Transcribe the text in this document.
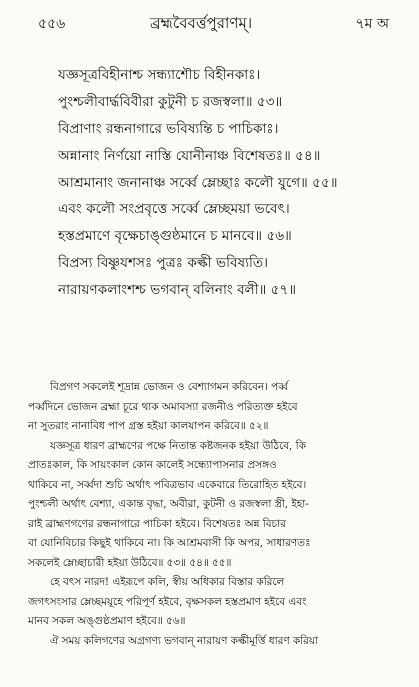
৫৫৬	ব্রহ্মবৈবর্ত্তপুরাণম্।	৭ম অ
যজ্ঞসূত্রবিহীনাশ্চ সন্ধ্যাশৌচ বিহীনকাঃ।
পুংশ্চলীবার্দ্ধবিবীরা কুটুনী চ রজস্বলা॥ ৫৩॥
বিপ্রাণাং রন্ধনাগারে ভবিষ্যন্তি চ পাচিকাঃ।
অন্নানাং নির্ণয়ো নাস্তি যোনীনাঞ্চ বিশেষতঃ॥ ৫৪॥
আশ্রমানাং জনানাঞ্চ সর্ব্বে ম্লেচ্ছাঃ কলৌ যুগে॥ ৫৫॥
এবং কলৌ সংপ্রবৃত্তে সর্ব্বে ম্লেচ্ছময়া ভবেৎ।
হস্তপ্রমাণে বৃক্ষেচাঙ্গুষ্ঠমানে চ মানবে॥ ৫৬॥
বিপ্রস্য বিষ্ণুযশসঃ পুত্রঃ কল্কী ভবিষ্যতি।
নারায়ণকলাংশশ্চ ভগবান্ বলিনাং বলী॥ ৫৭॥
বিপ্রগণ সকলেই শূদ্রান্ন ভোজন ও বেশ্যাগমন করিবেন। পর্ব্ব
পর্ব্বদিনে ভোজন ব্রহ্মা চূরে থাক অমাবস্যা রজনীও পরিত্যক্ত হইবে
না সুতরাং নানাবিধ পাপ গ্রস্ত হইয়া কালযাপন করিবে॥ ৫২॥
যজ্ঞসূত্র ধারণ ব্রাহ্মণের পক্ষে নিতান্ত কষ্টজনক হইয়া উঠিবে, কি
প্রাতঃকাল, কি সায়ংকাল কোন কালেই সন্ধ্যোপাসনার প্রসঙ্গও
থাকিবে না, সর্ব্বদা শুচি অর্থাৎ পবিত্রভাব একেবারে তিরোহিত হইবে।
পুংশ্চলী অর্থাৎ বেশ্যা, একান্ত বৃদ্ধা, অবীরা, কুটনী ও রজস্বলা স্ত্রী, ইহা-
রাই ব্রাহ্মণগণের রন্ধনাগারে পাচিকা হইবে। বিশেষতঃ অন্ন বিচার
বা যোনিবিচার কিছুই থাকিবে না। কি আশ্রমবাসী কি অপর, সাধারণতঃ
সকলেই ম্লেচ্ছাচারী হইয়া উঠিবে॥ ৫৩॥ ৫৪॥ ৫৫॥
হে বৎস নারদ! এইরূপে কলি, স্বীয় অধিকার বিস্তার করিলে
জগৎসংসার ম্লেচ্ছময়ূহে পরিপূর্ণ হইবে, বৃক্ষসকল হস্তপ্রমাণ হইবে এবং
মানব সকল অঙ্গুষ্ঠপ্রমাণ হইবে॥ ৫৬॥
ঐ সময় কলিগণের অগ্রগণ্য ভগবান্ নারায়ণ কল্কীমূর্ত্তি ধারণ করিয়া
